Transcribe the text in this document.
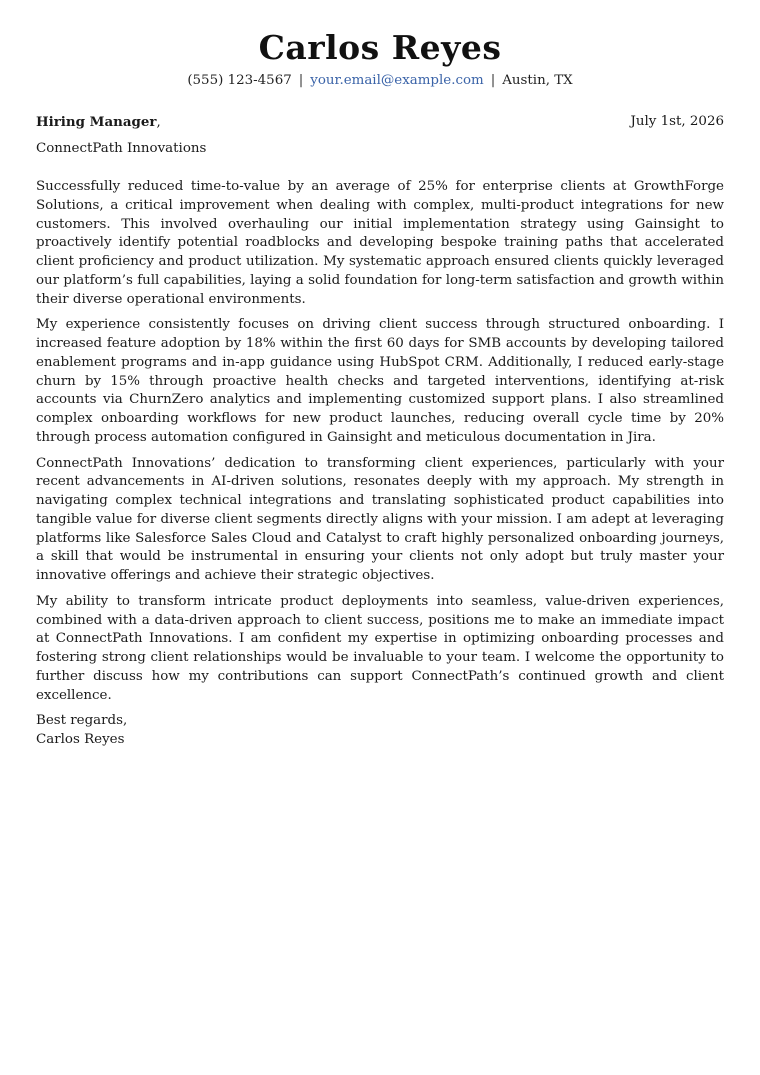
Carlos Reyes
(555) 123-4567 | your.email@example.com | Austin, TX
Hiring Manager,	July 1st, 2026
ConnectPath Innovations

Successfully reduced time-to-value by an average of 25% for enterprise clients at GrowthForge Solutions, a critical improvement when dealing with complex, multi-product integrations for new customers. This involved overhauling our initial implementation strategy using Gainsight to proactively identify potential roadblocks and developing bespoke training paths that accelerated client proficiency and product utilization. My systematic approach ensured clients quickly leveraged our platform’s full capabilities, laying a solid foundation for long-term satisfaction and growth within their diverse operational environments.

My experience consistently focuses on driving client success through structured onboarding. I increased feature adoption by 18% within the first 60 days for SMB accounts by developing tailored enablement programs and in-app guidance using HubSpot CRM. Additionally, I reduced early-stage churn by 15% through proactive health checks and targeted interventions, identifying at-risk accounts via ChurnZero analytics and implementing customized support plans. I also streamlined complex onboarding workflows for new product launches, reducing overall cycle time by 20% through process automation configured in Gainsight and meticulous documentation in Jira.

ConnectPath Innovations’ dedication to transforming client experiences, particularly with your recent advancements in AI-driven solutions, resonates deeply with my approach. My strength in navigating complex technical integrations and translating sophisticated product capabilities into tangible value for diverse client segments directly aligns with your mission. I am adept at leveraging platforms like Salesforce Sales Cloud and Catalyst to craft highly personalized onboarding journeys, a skill that would be instrumental in ensuring your clients not only adopt but truly master your innovative offerings and achieve their strategic objectives.

My ability to transform intricate product deployments into seamless, value-driven experiences, combined with a data-driven approach to client success, positions me to make an immediate impact at ConnectPath Innovations. I am confident my expertise in optimizing onboarding processes and fostering strong client relationships would be invaluable to your team. I welcome the opportunity to further discuss how my contributions can support ConnectPath’s continued growth and client excellence.

Best regards,
Carlos Reyes
